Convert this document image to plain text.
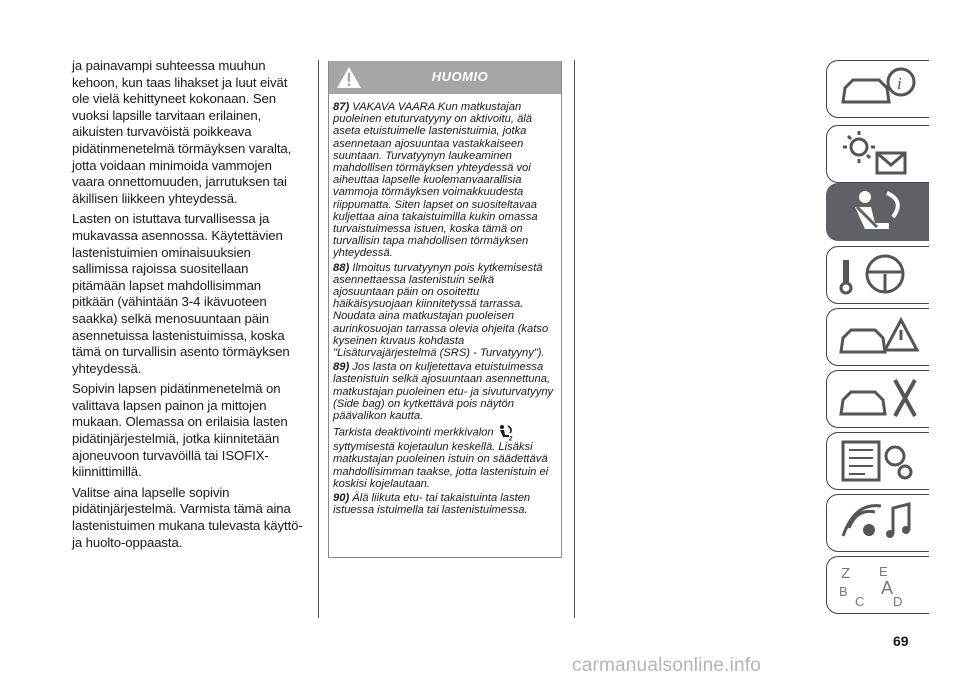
ja painavampi suhteessa muuhun kehoon, kun taas lihakset ja luut eivät ole vielä kehittyneet kokonaan. Sen vuoksi lapsille tarvitaan erilainen, aikuisten turvavöistä poikkeava pidätinmenetelmä törmäyksen varalta, jotta voidaan minimoida vammojen vaara onnettomuuden, jarrutuksen tai äkillisen liikkeen yhteydessä.

Lasten on istuttava turvallisessa ja mukavassa asennossa. Käytettävien lastenistuimien ominaisuuksien sallimissa rajoissa suositellaan pitämään lapset mahdollisimman pitkään (vähintään 3-4 ikävuoteen saakka) selkä menosuuntaan päin asennetuissa lastenistuimissa, koska tämä on turvallisin asento törmäyksen yhteydessä.

Sopivin lapsen pidätinmenetelmä on valittava lapsen painon ja mittojen mukaan. Olemassa on erilaisia lasten pidätinjärjestelmiä, jotka kiinnitetään ajoneuvoon turvavöillä tai ISOFIX-kiinnittimillä.

Valitse aina lapselle sopivin pidätinjärjestelmä. Varmista tämä aina lastenistuimen mukana tulevasta käyttö- ja huolto-oppaasta.

HUOMIO

87) VAKAVA VAARA Kun matkustajan puoleinen etuturvatyyny on aktivoitu, älä aseta etuistuimelle lastenistuimia, jotka asennetaan ajosuuntaa vastakkaiseen suuntaan. Turvatyynyn laukeaminen mahdollisen törmäyksen yhteydessä voi aiheuttaa lapselle kuolemanvaarallisia vammoja törmäyksen voimakkuudesta riippumatta. Siten lapset on suositeltavaa kuljettaa aina takaistuimilla kukin omassa turvaistuimessa istuen, koska tämä on turvallisin tapa mahdollisen törmäyksen yhteydessä.

88) Ilmoitus turvatyynyn pois kytkemisestä asennettaessa lastenistuin selkä ajosuuntaan päin on osoitettu häikäisysuojaan kiinnitetyssä tarrassa. Noudata aina matkustajan puoleisen aurinkosuojan tarrassa olevia ohjeita (katso kyseinen kuvaus kohdasta "Lisäturvajärjestelmä (SRS) - Turvatyyny").

89) Jos lasta on kuljetettava etuistuimessa lastenistuin selkä ajosuuntaan asennettuna, matkustajan puoleinen etu- ja sivuturvatyyny (Side bag) on kytkettävä pois näytön päävalikon kautta.

Tarkista deaktivointi merkkivalon
2
syttymisestä kojetaulun keskellä. Lisäksi matkustajan puoleinen istuin on säädettävä mahdollisimman taakse, jotta lastenistuin ei koskisi kojelautaan.

90) Älä liikuta etu- tai takaistuinta lasten istuessa istuimella tai lastenistuimessa.

i
Z E
B A
C D
69
carmanualsonline.info
